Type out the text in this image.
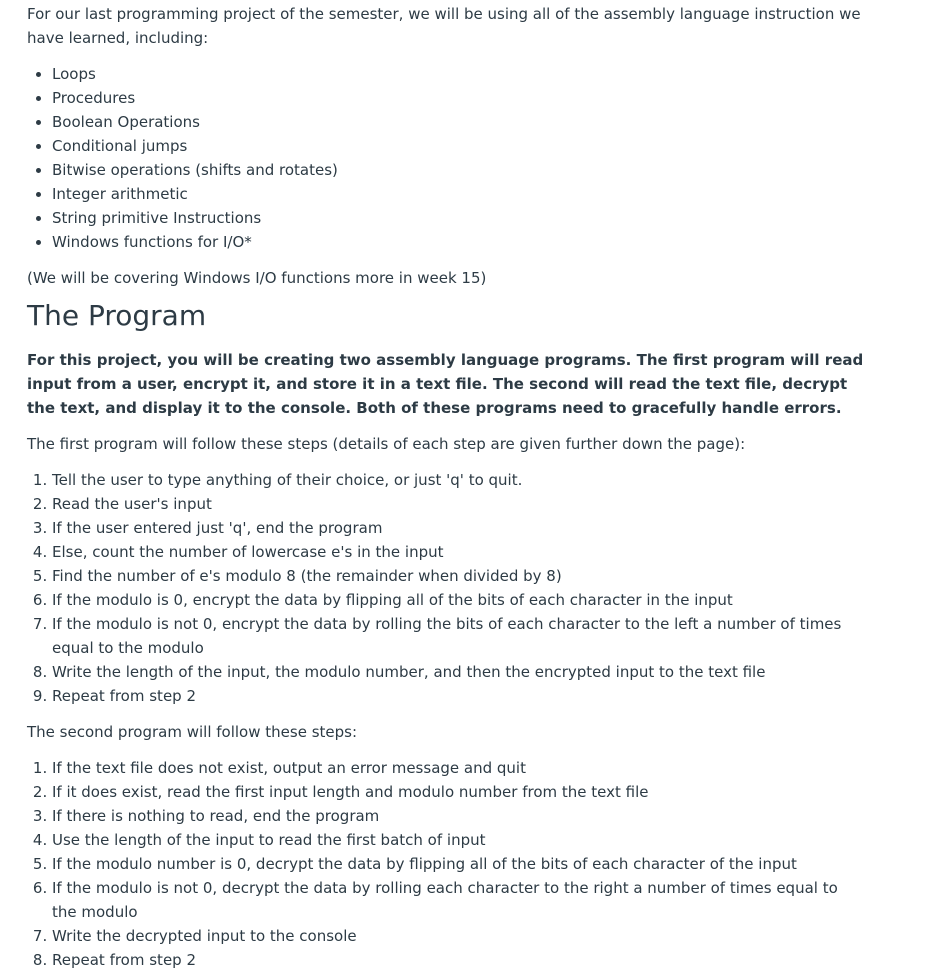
For our last programming project of the semester, we will be using all of the assembly language instruction we have learned, including:

• Loops
• Procedures
• Boolean Operations
• Conditional jumps
• Bitwise operations (shifts and rotates)
• Integer arithmetic
• String primitive Instructions
• Windows functions for I/O*

(We will be covering Windows I/O functions more in week 15)

The Program

For this project, you will be creating two assembly language programs. The first program will read input from a user, encrypt it, and store it in a text file. The second will read the text file, decrypt the text, and display it to the console. Both of these programs need to gracefully handle errors.

The first program will follow these steps (details of each step are given further down the page):

1. Tell the user to type anything of their choice, or just 'q' to quit.
2. Read the user's input
3. If the user entered just 'q', end the program
4. Else, count the number of lowercase e's in the input
5. Find the number of e's modulo 8 (the remainder when divided by 8)
6. If the modulo is 0, encrypt the data by flipping all of the bits of each character in the input
7. If the modulo is not 0, encrypt the data by rolling the bits of each character to the left a number of times equal to the modulo
8. Write the length of the input, the modulo number, and then the encrypted input to the text file
9. Repeat from step 2

The second program will follow these steps:

1. If the text file does not exist, output an error message and quit
2. If it does exist, read the first input length and modulo number from the text file
3. If there is nothing to read, end the program
4. Use the length of the input to read the first batch of input
5. If the modulo number is 0, decrypt the data by flipping all of the bits of each character of the input
6. If the modulo is not 0, decrypt the data by rolling each character to the right a number of times equal to the modulo
7. Write the decrypted input to the console
8. Repeat from step 2
